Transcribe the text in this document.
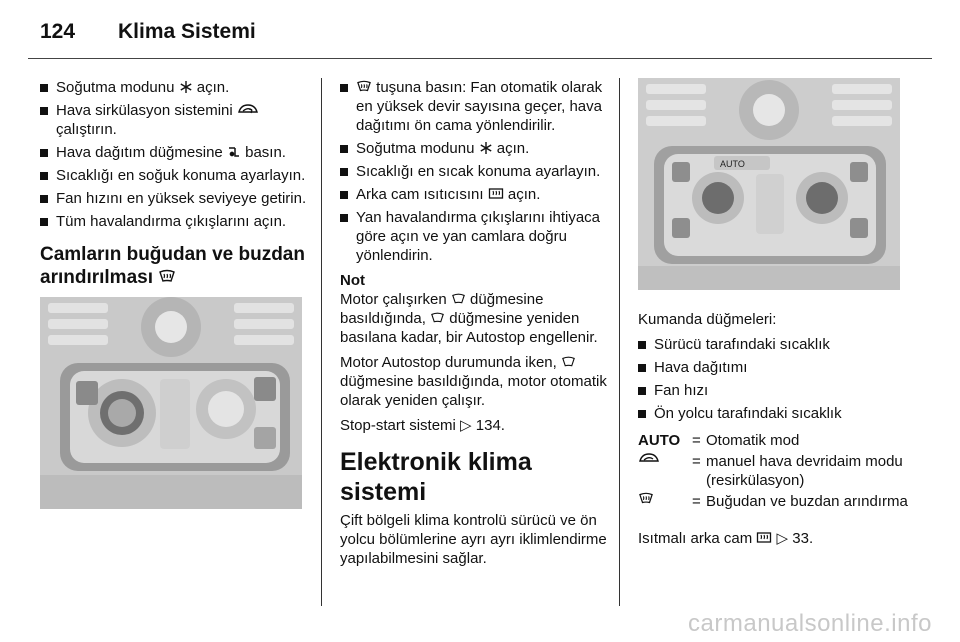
124 Klima Sistemi
Soğutma modunu açın.
Hava sirkülasyon sistemini
çalıştırın.
Hava dağıtım düğmesine basın.
Sıcaklığı en soğuk konuma ayarlayın.
Fan hızını en yüksek seviyeye getirin.
Tüm havalandırma çıkışlarını açın.
Camların buğudan ve buzdan arındırılması
tuşuna basın: Fan otomatik olarak en yüksek devir sayısına geçer, hava dağıtımı ön cama yönlendirilir.
Soğutma modunu açın.
Sıcaklığı en sıcak konuma ayarlayın.
Arka cam ısıtıcısını açın.
Yan havalandırma çıkışlarını ihtiyaca göre açın ve yan camlara doğru yönlendirin.
Not

Motor çalışırken düğmesine basıldığında, düğmesine yeniden basılana kadar, bir Autostop engellenir.

Motor Autostop durumunda iken,  düğmesine basıldığında, motor otomatik olarak yeniden çalışır.

Stop-start sistemi ▷ 134.

Elektronik klima sistemi

Çift bölgeli klima kontrolü sürücü ve ön yolcu bölümlerine ayrı ayrı iklimlendirme yapılabilmesini sağlar.

AUTO

Kumanda düğmeleri:

Sürücü tarafındaki sıcaklık
Hava dağıtımı
Fan hızı
Ön yolcu tarafındaki sıcaklık
AUTO = Otomatik mod
= manuel hava devridaim modu (resirkülasyon)
= Buğudan ve buzdan arındırma

Isıtmalı arka cam ▷ 33.

carmanualsonline.info
